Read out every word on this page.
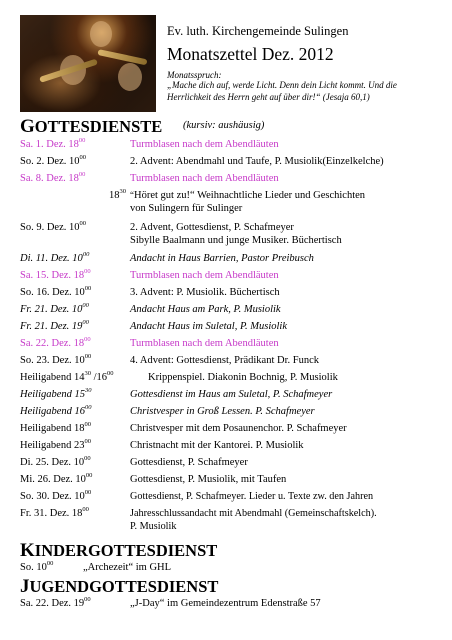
Ev. luth. Kirchengemeinde Sulingen
Monatszettel Dez. 2012
Monatsspruch:
„Mache dich auf, werde Licht. Denn dein Licht kommt. Und die Herrlichkeit des Herrn geht auf über dir!“ (Jesaja 60,1)
GOTTESDIENSTE (kursiv: aushäusig)
Sa. 1. Dez. $18^{00}$	Turmblasen nach dem Abendläuten
So. 2. Dez. $10^{00}$	2. Advent: Abendmahl und Taufe, P. Musiolik(Einzelkelche)
Sa. 8. Dez. $18^{00}$	Turmblasen nach dem Abendläuten
$18^{30}$ “Höret gut zu!“ Weihnachtliche Lieder und Geschichten
von Sulingern für Sulinger
So. 9. Dez. $10^{00}$	2. Advent, Gottesdienst, P. Schafmeyer
Sibylle Baalmann und junge Musiker. Büchertisch
Di. 11. Dez. $10^{00}$	Andacht in Haus Barrien, Pastor Preibusch
Sa. 15. Dez. $18^{00}$	Turmblasen nach dem Abendläuten
So. 16. Dez. $10^{00}$	3. Advent: P. Musiolik. Büchertisch
Fr. 21. Dez. $10^{00}$	Andacht Haus am Park, P. Musiolik
Fr. 21. Dez. $19^{00}$	Andacht Haus im Suletal, P. Musiolik
Sa. 22. Dez. $18^{00}$	Turmblasen nach dem Abendläuten
So. 23. Dez. $10^{00}$	4. Advent: Gottesdienst, Prädikant Dr. Funck
Heiligabend $14^{30}$ $/16^{00}$	Krippenspiel. Diakonin Bochnig, P. Musiolik
Heiligabend $15^{30}$	Gottesdienst im Haus am Suletal, P. Schafmeyer
Heiligabend $16^{00}$	Christvesper in Groß Lessen. P. Schafmeyer
Heiligabend $18^{00}$	Christvesper mit dem Posaunenchor. P. Schafmeyer
Heiligabend $23^{00}$	Christnacht mit der Kantorei. P. Musiolik
Di. 25. Dez. $10^{00}$	Gottesdienst, P. Schafmeyer
Mi. 26. Dez. $10^{00}$	Gottesdienst, P. Musiolik, mit Taufen
So. 30. Dez. $10^{00}$	Gottesdienst, P. Schafmeyer. Lieder u. Texte zw. den Jahren
Fr. 31. Dez. $18^{00}$	Jahresschlussandacht mit Abendmahl (Gemeinschaftskelch).
P. Musiolik
KINDERGOTTESDIENST
So. $10^{00}$	„Archezeit“ im GHL
JUGENDGOTTESDIENST
Sa. 22. Dez. $19^{00}$	„J-Day“ im Gemeindezentrum Edenstraße 57
